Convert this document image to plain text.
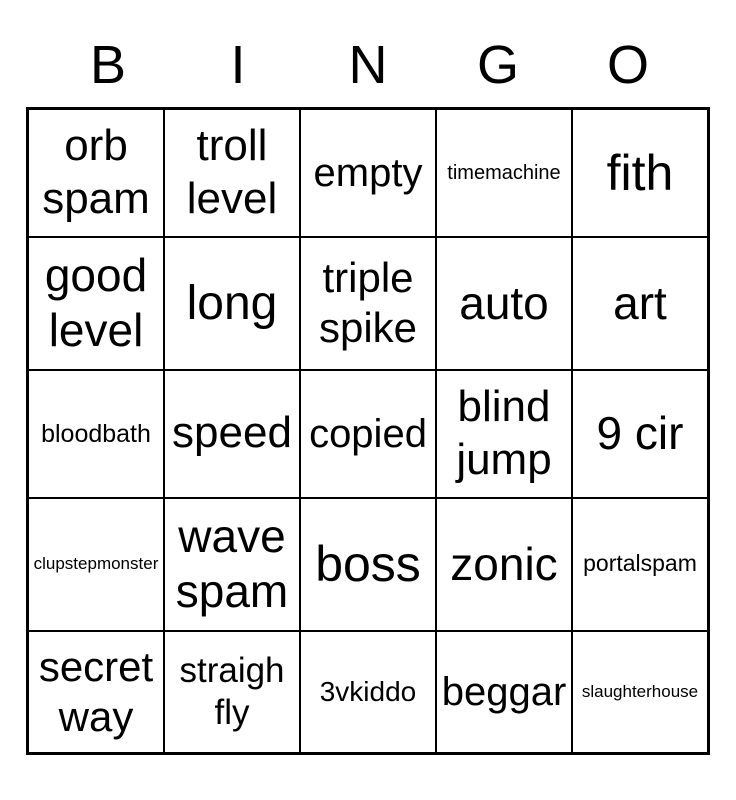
B	I	N	G	O
orb spam	troll level	empty	timemachine	fith
good level	long	triple spike	auto	art
bloodbath	speed	copied	blind jump	9 cir
clupstepmonster	wave spam	boss	zonic	portalspam
secret way	straigh fly	3vkiddo	beggar	slaughterhouse
